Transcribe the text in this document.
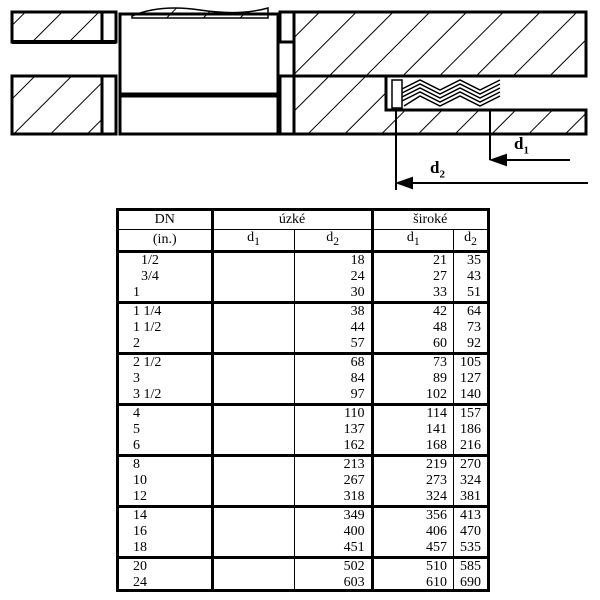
$d_1$
$d_2$
DN	úzké		široké	
(in.)	$d_1$	$d_2$	$d_1$	$d_2$
1/2		18	21	35
3/4		24	27	43
1		30	33	51
1 1/4		38	42	64
1 1/2		44	48	73
2		57	60	92
2 1/2		68	73	105
3		84	89	127
3 1/2		97	102	140
4		110	114	157
5		137	141	186
6		162	168	216
8		213	219	270
10		267	273	324
12		318	324	381
14		349	356	413
16		400	406	470
18		451	457	535
20		502	510	585
24		603	610	690
